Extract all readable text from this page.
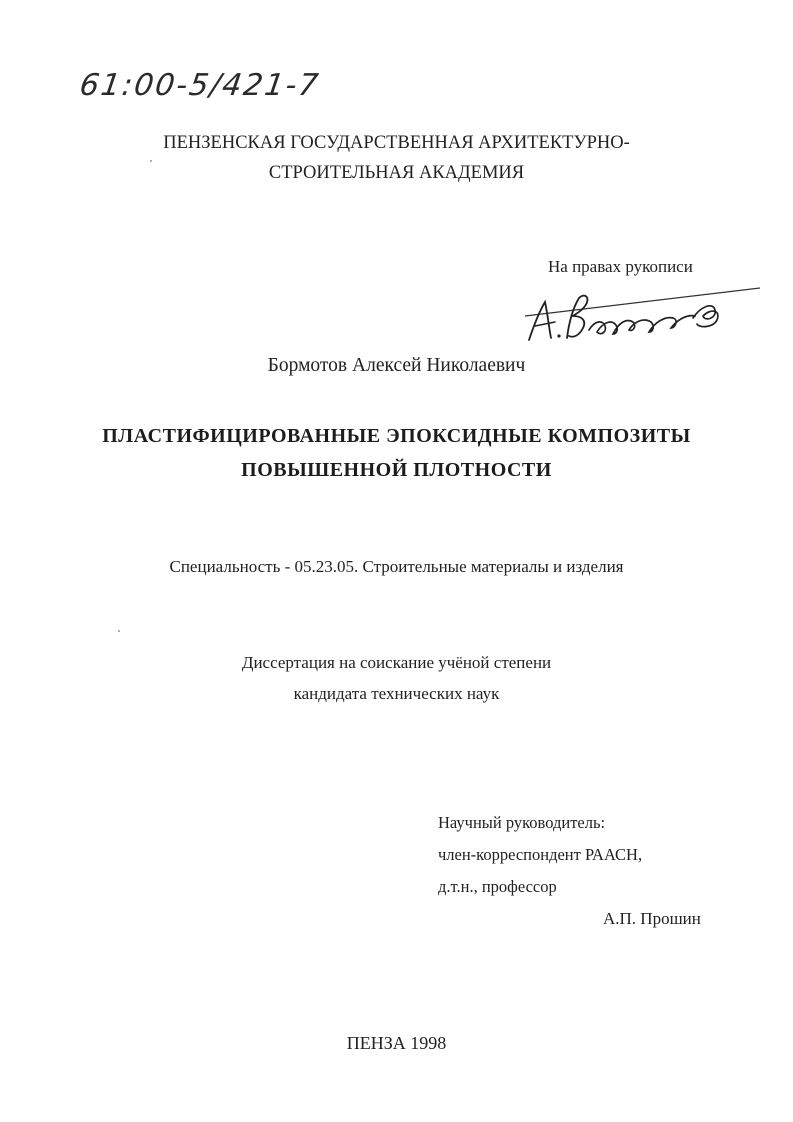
61:00-5/421-7
ПЕНЗЕНСКАЯ ГОСУДАРСТВЕННАЯ АРХИТЕКТУРНО-
СТРОИТЕЛЬНАЯ АКАДЕМИЯ
На правах рукописи
Бормотов Алексей Николаевич
ПЛАСТИФИЦИРОВАННЫЕ ЭПОКСИДНЫЕ КОМПОЗИТЫ
ПОВЫШЕННОЙ ПЛОТНОСТИ
Специальность - 05.23.05. Строительные материалы и изделия
Диссертация на соискание учёной степени
кандидата технических наук
Научный руководитель:
член-корреспондент РААСН,
д.т.н., профессор
А.П. Прошин
ПЕНЗА 1998
